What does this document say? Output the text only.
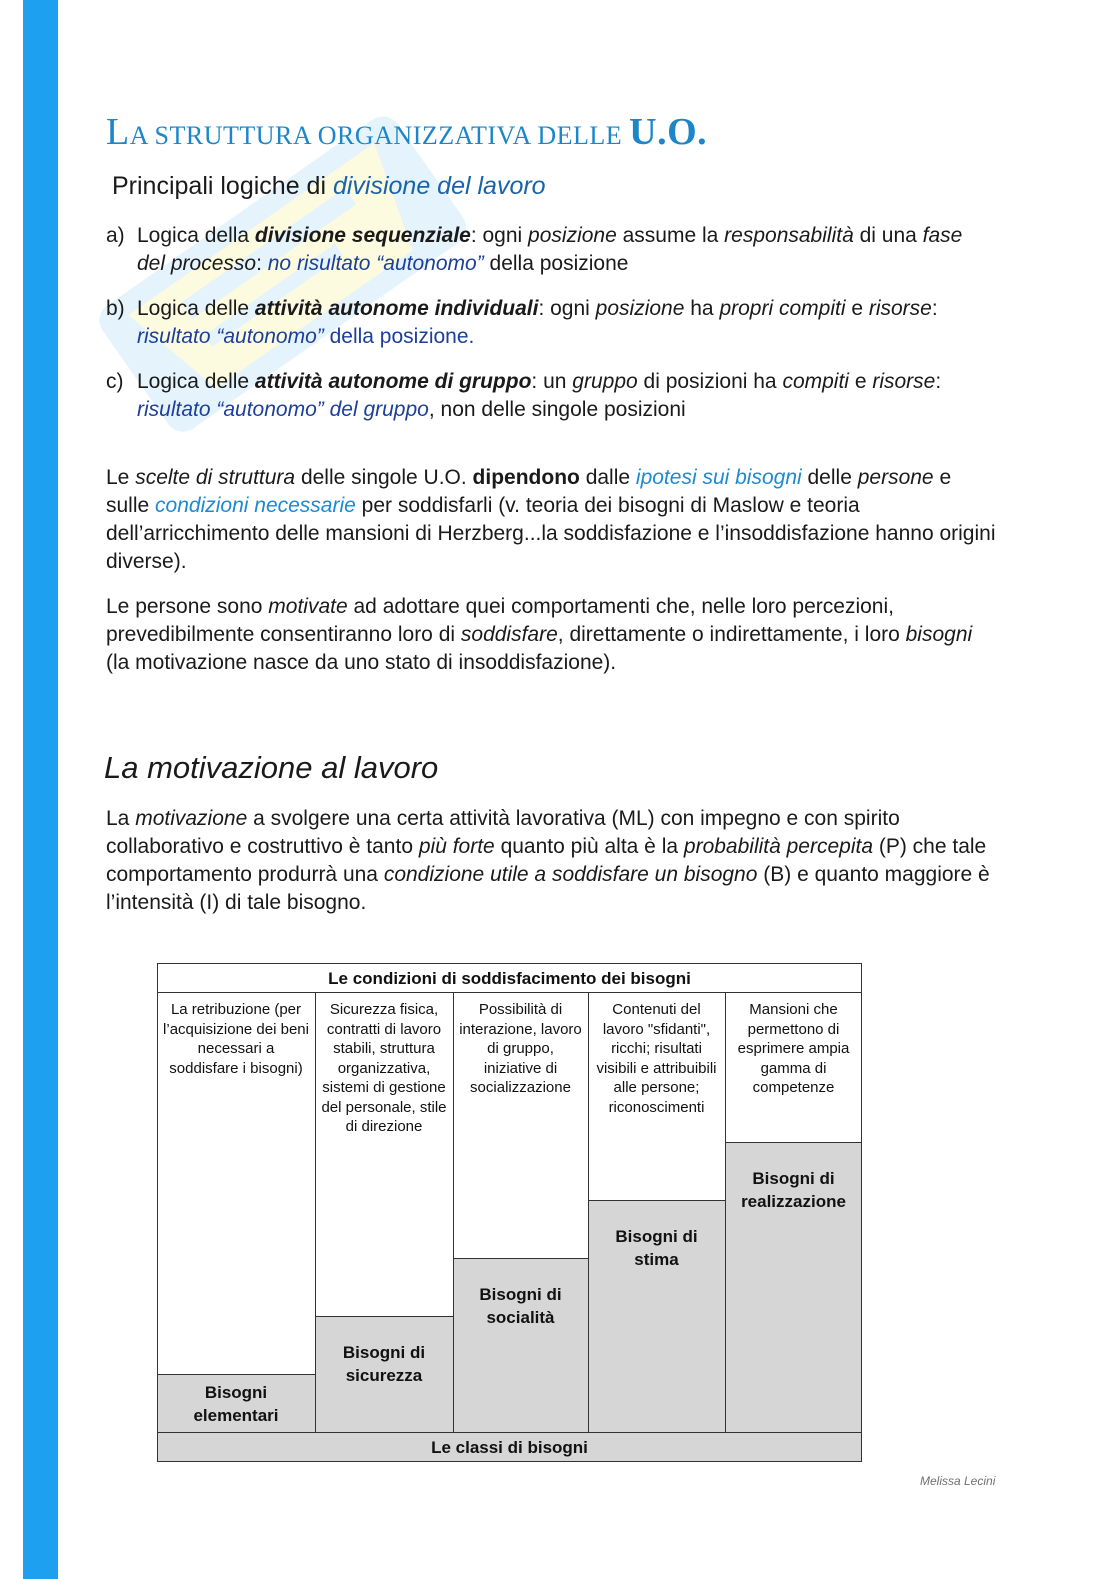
LA STRUTTURA ORGANIZZATIVA DELLE U.O.
Principali logiche di divisione del lavoro
a) Logica della divisione sequenziale: ogni posizione assume la responsabilità di una fase del processo: no risultato “autonomo” della posizione
b) Logica delle attività autonome individuali: ogni posizione ha propri compiti e risorse: risultato “autonomo” della posizione.
c) Logica delle attività autonome di gruppo: un gruppo di posizioni ha compiti e risorse: risultato “autonomo” del gruppo, non delle singole posizioni

Le scelte di struttura delle singole U.O. dipendono dalle ipotesi sui bisogni delle persone e sulle condizioni necessarie per soddisfarli (v. teoria dei bisogni di Maslow e teoria dell’arricchimento delle mansioni di Herzberg...la soddisfazione e l’insoddisfazione hanno origini diverse).

Le persone sono motivate ad adottare quei comportamenti che, nelle loro percezioni, prevedibilmente consentiranno loro di soddisfare, direttamente o indirettamente, i loro bisogni (la motivazione nasce da uno stato di insoddisfazione).

La motivazione al lavoro

La motivazione a svolgere una certa attività lavorativa (ML) con impegno e con spirito collaborativo e costruttivo è tanto più forte quanto più alta è la probabilità percepita (P) che tale comportamento produrrà una condizione utile a soddisfare un bisogno (B) e quanto maggiore è l’intensità (I) di tale bisogno.

Le condizioni di soddisfacimento dei bisogni
Le classi di bisogni
La retribuzione (per l’acquisizione dei beni necessari a soddisfare i bisogni)
Bisogni elementari
Sicurezza fisica, contratti di lavoro stabili, struttura organizzativa, sistemi di gestione del personale, stile di direzione
Bisogni di sicurezza
Possibilità di interazione, lavoro di gruppo, iniziative di socializzazione
Bisogni di socialità
Contenuti del lavoro "sfidanti", ricchi; risultati visibili e attribuibili alle persone; riconoscimenti
Bisogni di stima
Mansioni che permettono di esprimere ampia gamma di competenze
Bisogni di realizzazione
Melissa Lecini
